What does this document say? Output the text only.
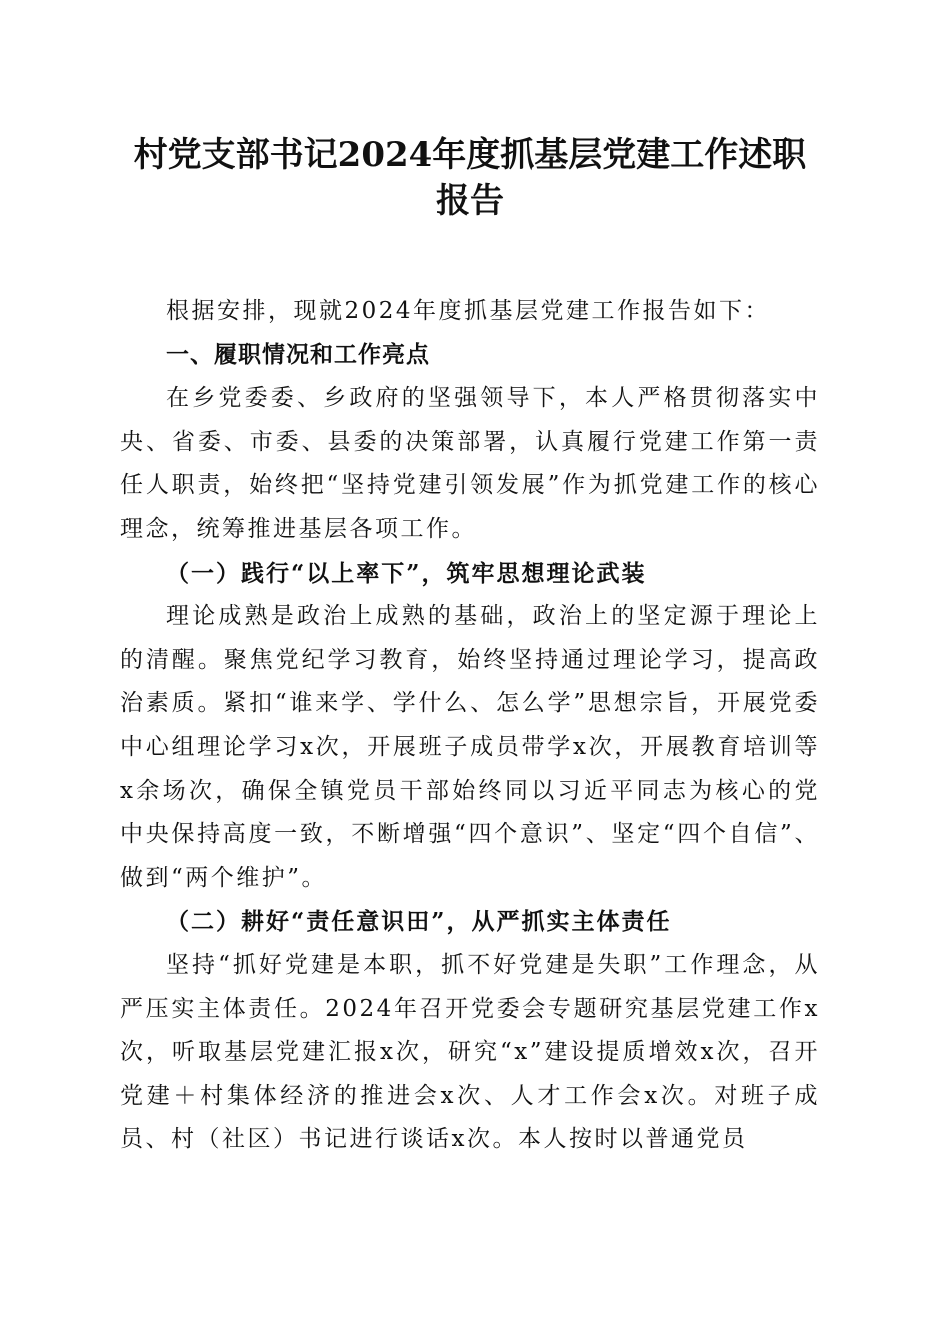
村党支部书记2024年度抓基层党建工作述职
报告

根据安排，现就2024年度抓基层党建工作报告如下：

一、履职情况和工作亮点

在乡党委委、乡政府的坚强领导下，本人严格贯彻落实中央、省委、市委、县委的决策部署，认真履行党建工作第一责任人职责，始终把“坚持党建引领发展”作为抓党建工作的核心理念，统筹推进基层各项工作。

（一）践行“以上率下”，筑牢思想理论武装

理论成熟是政治上成熟的基础，政治上的坚定源于理论上的清醒。聚焦党纪学习教育，始终坚持通过理论学习，提高政治素质。紧扣“谁来学、学什么、怎么学”思想宗旨，开展党委中心组理论学习x次，开展班子成员带学x次，开展教育培训等x余场次，确保全镇党员干部始终同以习近平同志为核心的党中央保持高度一致，不断增强“四个意识”、坚定“四个自信”、做到“两个维护”。

（二）耕好“责任意识田”，从严抓实主体责任

坚持“抓好党建是本职，抓不好党建是失职”工作理念，从严压实主体责任。2024年召开党委会专题研究基层党建工作x次，听取基层党建汇报x次，研究“x”建设提质增效x次，召开党建＋村集体经济的推进会x次、人才工作会x次。对班子成员、村（社区）书记进行谈话x次。本人按时以普通党员
